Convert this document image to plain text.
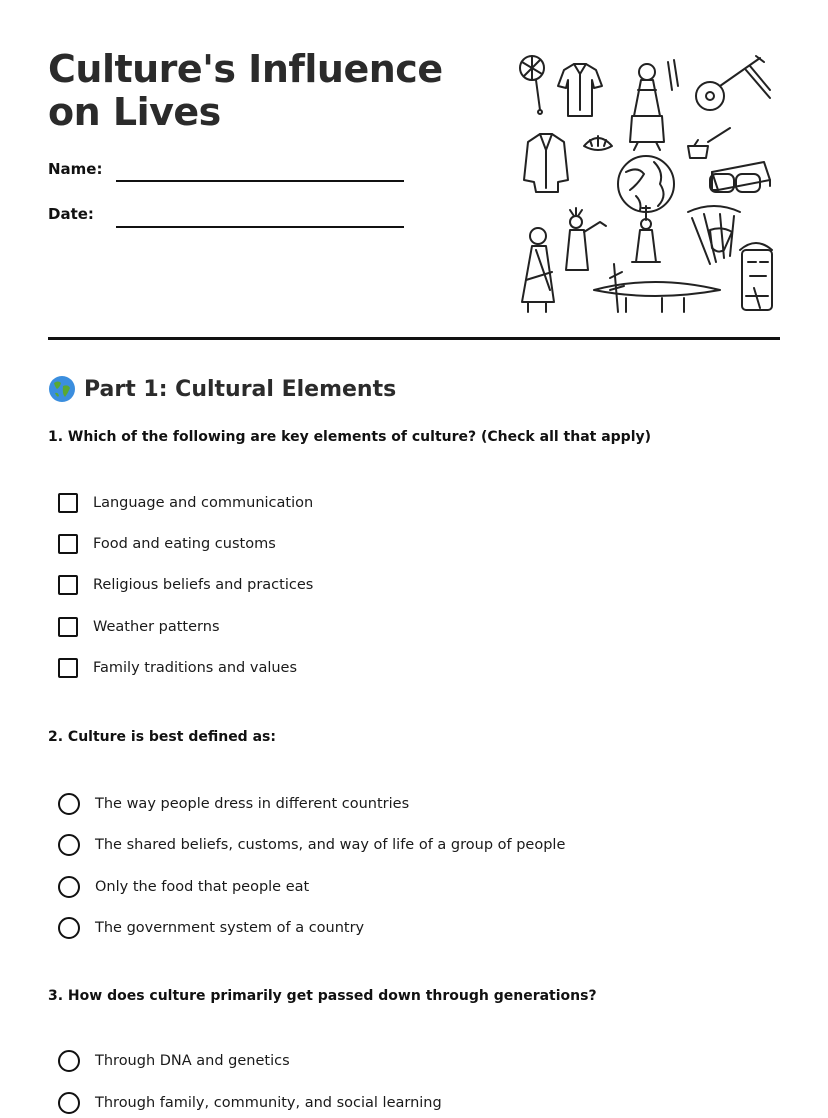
Culture's Influence on Lives
Name:
Date:
Part 1: Cultural Elements
1. Which of the following are key elements of culture? (Check all that apply)
Language and communication
Food and eating customs
Religious beliefs and practices
Weather patterns
Family traditions and values
2. Culture is best defined as:
The way people dress in different countries
The shared beliefs, customs, and way of life of a group of people
Only the food that people eat
The government system of a country
3. How does culture primarily get passed down through generations?
Through DNA and genetics
Through family, community, and social learning
